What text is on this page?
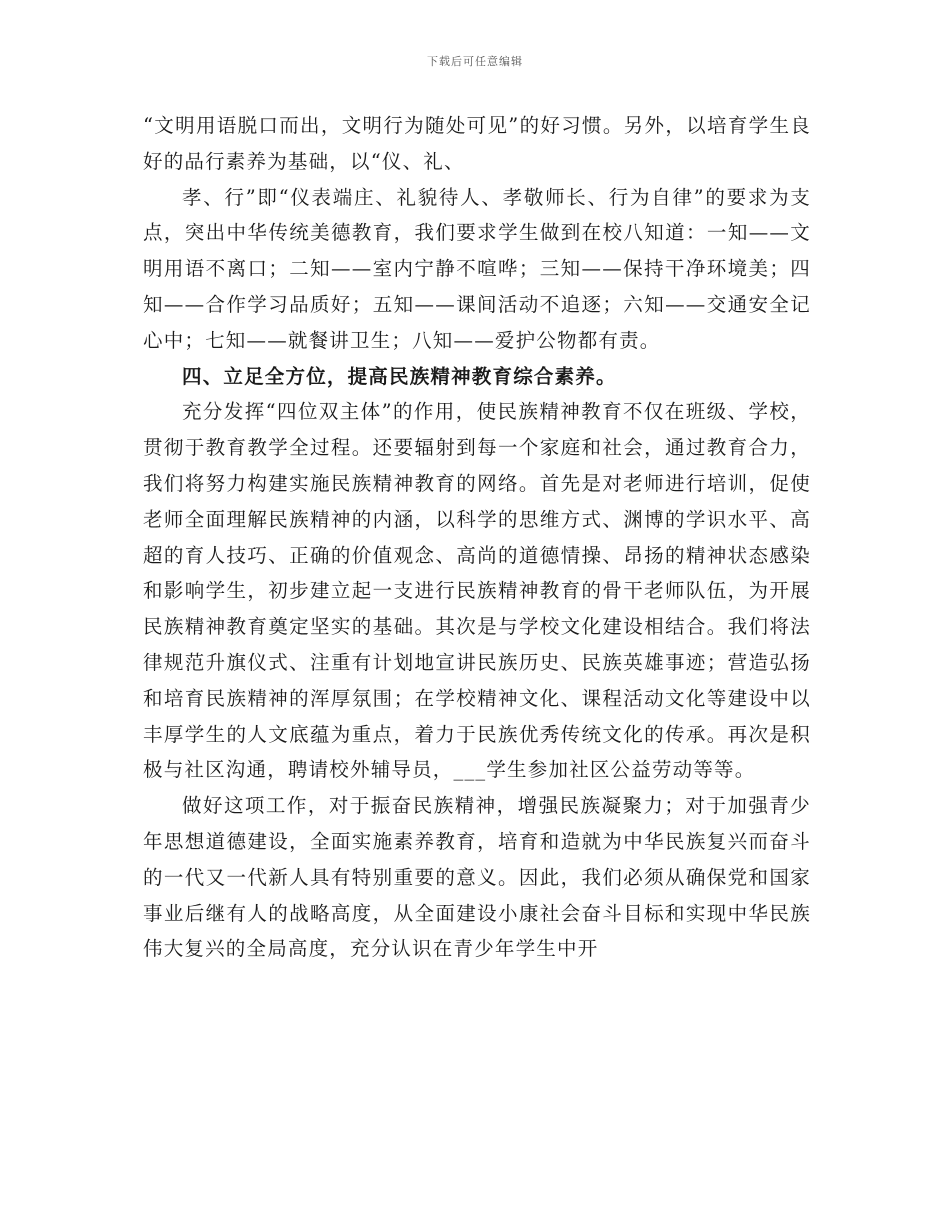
下载后可任意编辑

“文明用语脱口而出，文明行为随处可见”的好习惯。另外，以培育学生良好的品行素养为基础，以“仪、礼、

孝、行”即“仪表端庄、礼貌待人、孝敬师长、行为自律”的要求为支点，突出中华传统美德教育，我们要求学生做到在校八知道：一知——文明用语不离口；二知——室内宁静不喧哗；三知——保持干净环境美；四知——合作学习品质好；五知——课间活动不追逐；六知——交通安全记心中；七知——就餐讲卫生；八知——爱护公物都有责。

四、立足全方位，提高民族精神教育综合素养。

充分发挥“四位双主体”的作用，使民族精神教育不仅在班级、学校，贯彻于教育教学全过程。还要辐射到每一个家庭和社会，通过教育合力，我们将努力构建实施民族精神教育的网络。首先是对老师进行培训，促使老师全面理解民族精神的内涵，以科学的思维方式、渊博的学识水平、高超的育人技巧、正确的价值观念、高尚的道德情操、昂扬的精神状态感染和影响学生，初步建立起一支进行民族精神教育的骨干老师队伍，为开展民族精神教育奠定坚实的基础。其次是与学校文化建设相结合。我们将法律规范升旗仪式、注重有计划地宣讲民族历史、民族英雄事迹；营造弘扬和培育民族精神的浑厚氛围；在学校精神文化、课程活动文化等建设中以丰厚学生的人文底蕴为重点，着力于民族优秀传统文化的传承。再次是积极与社区沟通，聘请校外辅导员，___学生参加社区公益劳动等等。

做好这项工作，对于振奋民族精神，增强民族凝聚力；对于加强青少年思想道德建设，全面实施素养教育，培育和造就为中华民族复兴而奋斗的一代又一代新人具有特别重要的意义。因此，我们必须从确保党和国家事业后继有人的战略高度，从全面建设小康社会奋斗目标和实现中华民族伟大复兴的全局高度，充分认识在青少年学生中开
